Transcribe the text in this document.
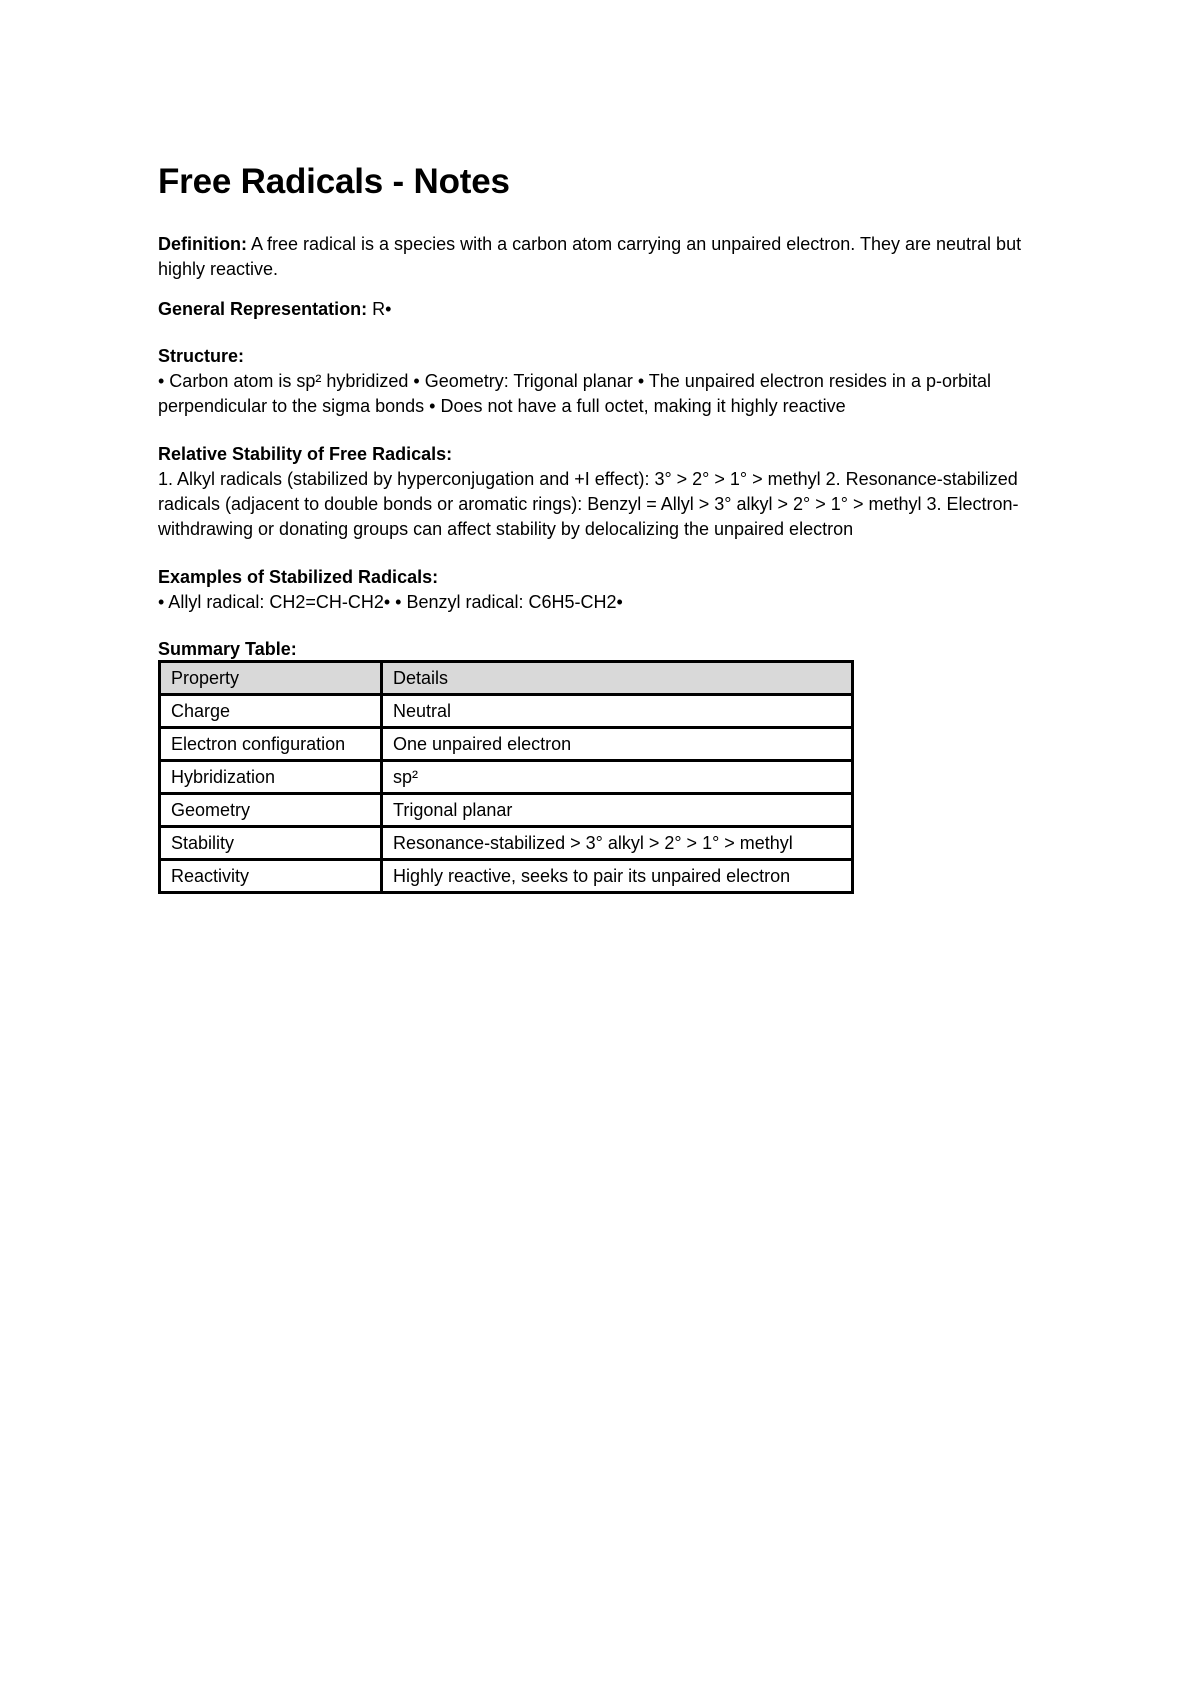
Free Radicals - Notes

Definition: A free radical is a species with a carbon atom carrying an unpaired electron. They are neutral but highly reactive.

General Representation: R•

Structure:

• Carbon atom is sp² hybridized • Geometry: Trigonal planar • The unpaired electron resides in a p-orbital perpendicular to the sigma bonds • Does not have a full octet, making it highly reactive

Relative Stability of Free Radicals:

1. Alkyl radicals (stabilized by hyperconjugation and +I effect): 3° > 2° > 1° > methyl 2. Resonance-stabilized radicals (adjacent to double bonds or aromatic rings): Benzyl = Allyl > 3° alkyl > 2° > 1° > methyl 3. Electron-withdrawing or donating groups can affect stability by delocalizing the unpaired electron

Examples of Stabilized Radicals:

• Allyl radical: CH2=CH-CH2• • Benzyl radical: C6H5-CH2•

Summary Table:

Property	Details
Charge	Neutral
Electron configuration	One unpaired electron
Hybridization	sp²
Geometry	Trigonal planar
Stability	Resonance-stabilized > 3° alkyl > 2° > 1° > methyl
Reactivity	Highly reactive, seeks to pair its unpaired electron
